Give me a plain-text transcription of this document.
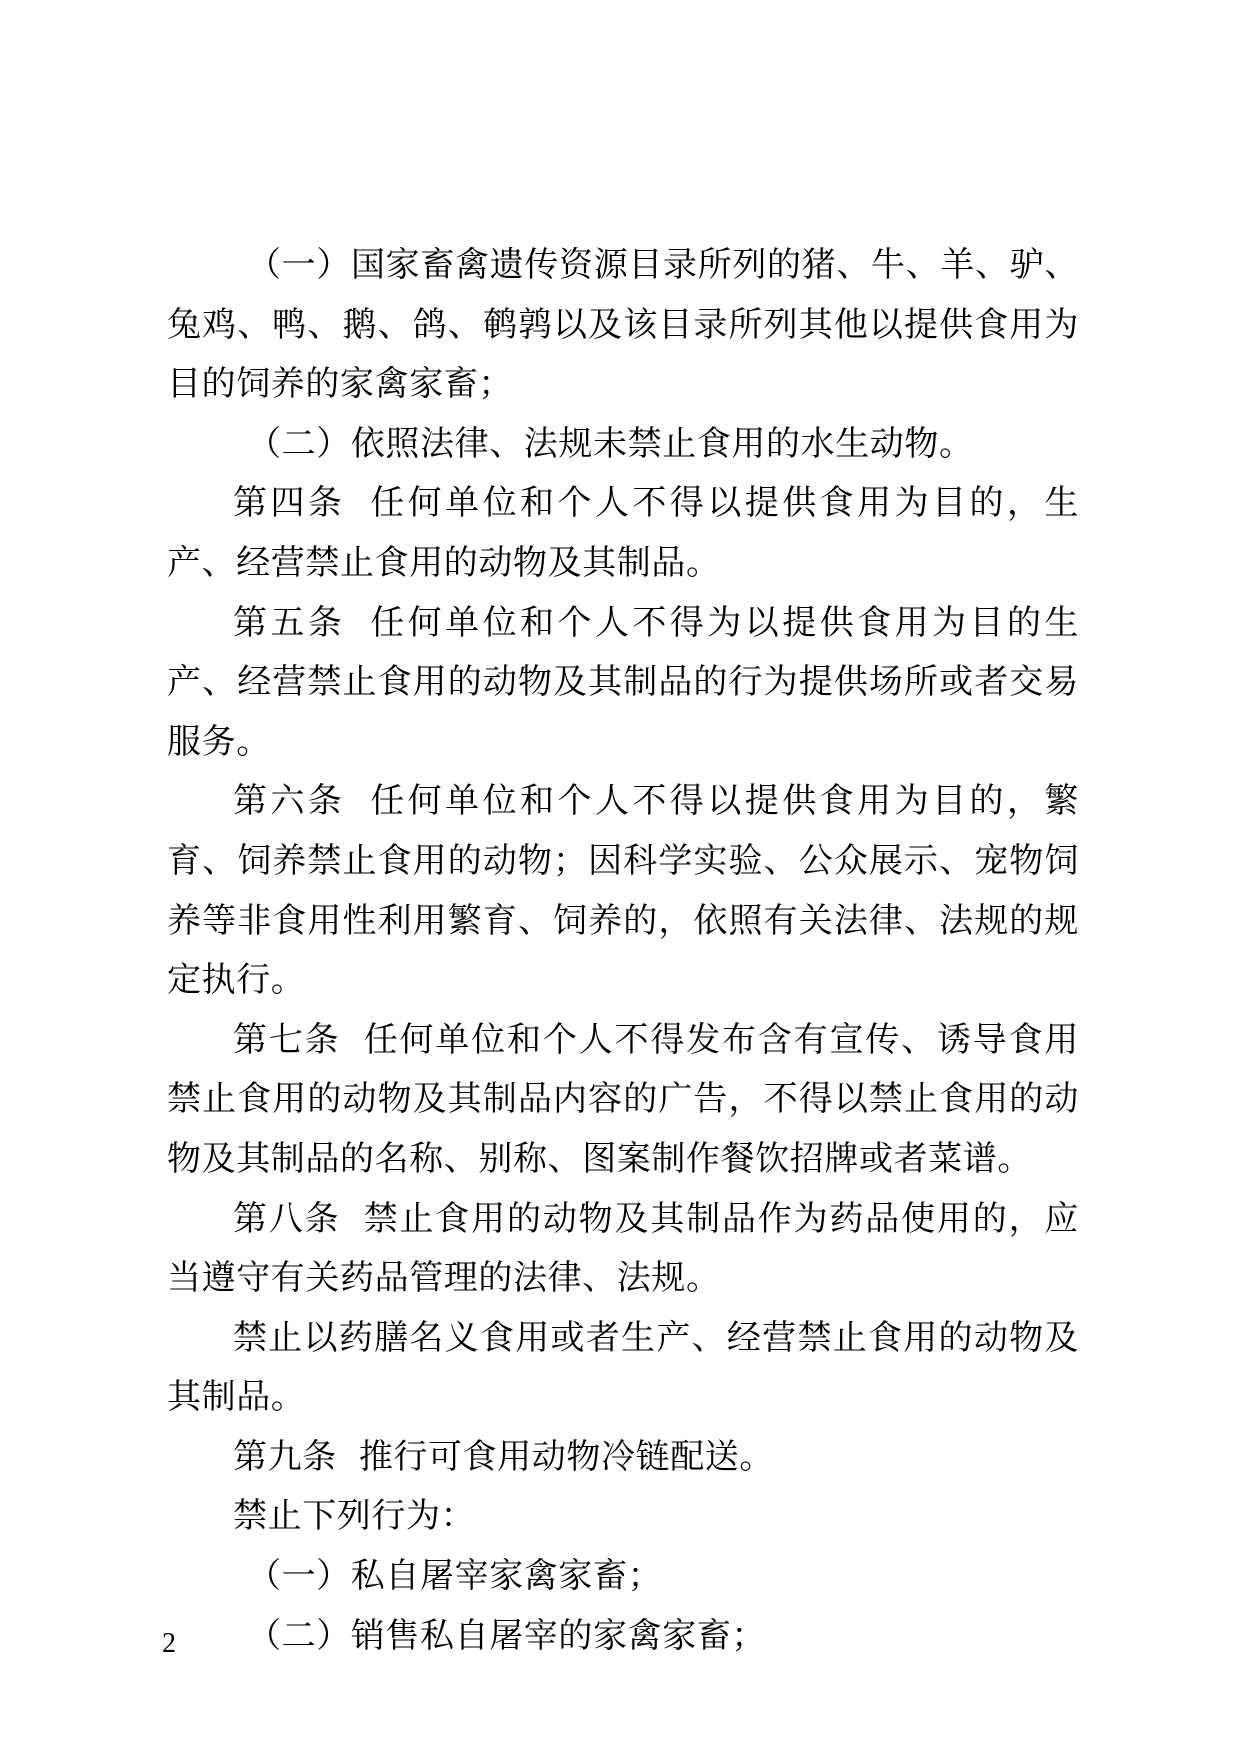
（一）国家畜禽遗传资源目录所列的猪、牛、羊、驴、兔鸡、鸭、鹅、鸽、鹌鹑以及该目录所列其他以提供食用为目的饲养的家禽家畜；

（二）依照法律、法规未禁止食用的水生动物。

第四条 任何单位和个人不得以提供食用为目的，生产、经营禁止食用的动物及其制品。

第五条 任何单位和个人不得为以提供食用为目的生产、经营禁止食用的动物及其制品的行为提供场所或者交易服务。

第六条 任何单位和个人不得以提供食用为目的，繁育、饲养禁止食用的动物；因科学实验、公众展示、宠物饲养等非食用性利用繁育、饲养的，依照有关法律、法规的规定执行。

第七条 任何单位和个人不得发布含有宣传、诱导食用禁止食用的动物及其制品内容的广告，不得以禁止食用的动物及其制品的名称、别称、图案制作餐饮招牌或者菜谱。

第八条 禁止食用的动物及其制品作为药品使用的，应当遵守有关药品管理的法律、法规。

禁止以药膳名义食用或者生产、经营禁止食用的动物及其制品。

第九条 推行可食用动物冷链配送。

禁止下列行为：

（一）私自屠宰家禽家畜；

（二）销售私自屠宰的家禽家畜；

2
